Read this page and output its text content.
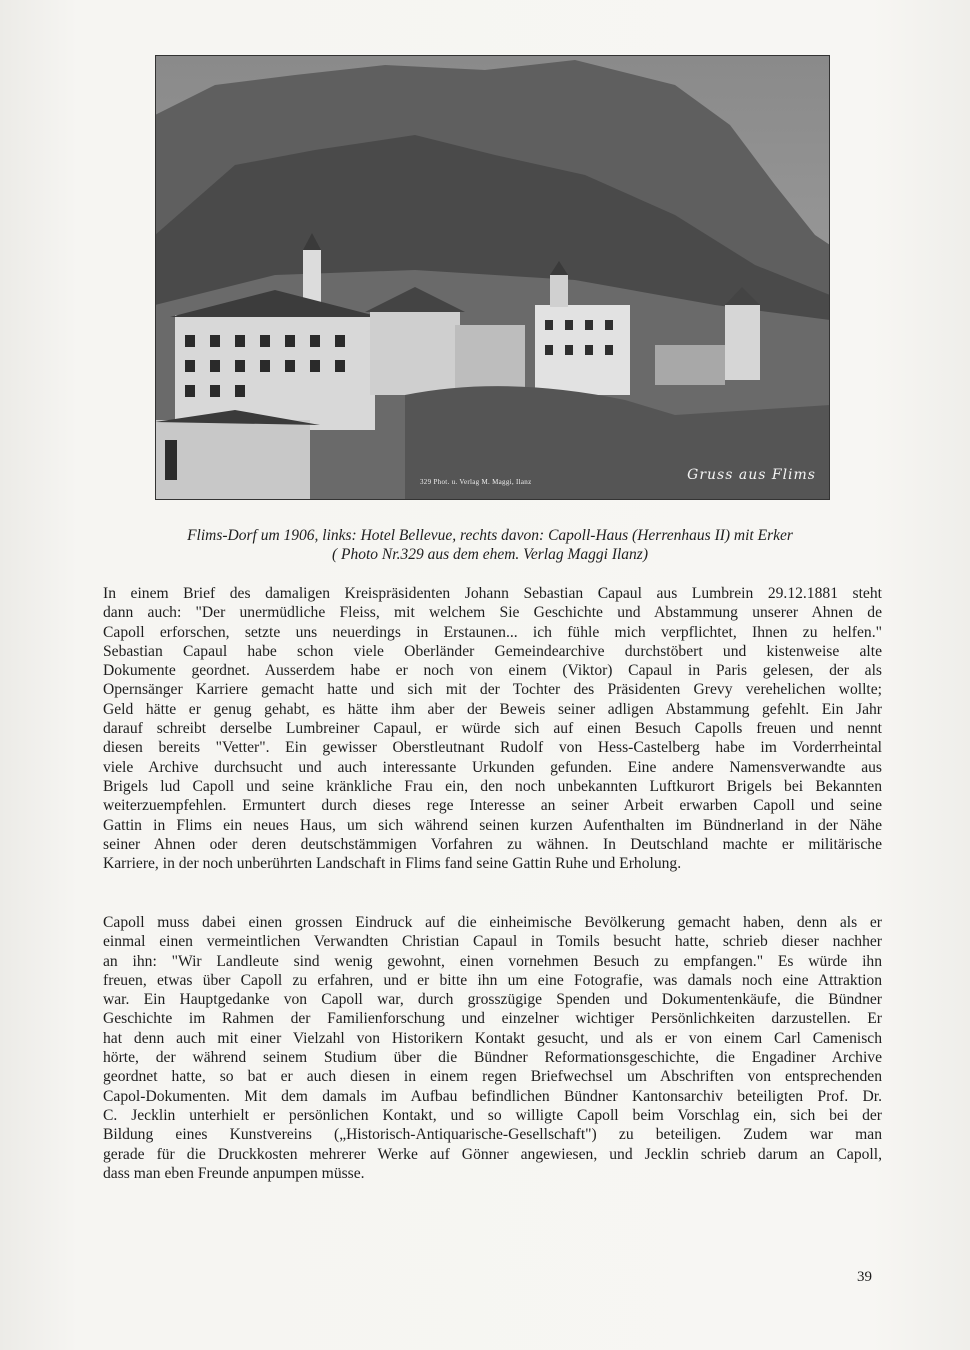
329 Phot. u. Verlag M. Maggi, Ilanz	Gruss aus Flims
Flims-Dorf um 1906, links: Hotel Bellevue, rechts davon: Capoll-Haus (Herrenhaus II) mit Erker
( Photo Nr.329 aus dem ehem. Verlag Maggi Ilanz)
In einem Brief des damaligen Kreispräsidenten Johann Sebastian Capaul aus Lumbrein 29.12.1881 steht
dann auch: "Der unermüdliche Fleiss, mit welchem Sie Geschichte und Abstammung unserer Ahnen de
Capoll erforschen, setzte uns neuerdings in Erstaunen... ich fühle mich verpflichtet, Ihnen zu helfen."
Sebastian Capaul habe schon viele Oberländer Gemeindearchive durchstöbert und kistenweise alte
Dokumente geordnet. Ausserdem habe er noch von einem (Viktor) Capaul in Paris gelesen, der als
Opernsänger Karriere gemacht hatte und sich mit der Tochter des Präsidenten Grevy verehelichen wollte;
Geld hätte er genug gehabt, es hätte ihm aber der Beweis seiner adligen Abstammung gefehlt. Ein Jahr
darauf schreibt derselbe Lumbreiner Capaul, er würde sich auf einen Besuch Capolls freuen und nennt
diesen bereits "Vetter". Ein gewisser Oberstleutnant Rudolf von Hess-Castelberg habe im Vorderrheintal
viele Archive durchsucht und auch interessante Urkunden gefunden. Eine andere Namensverwandte aus
Brigels lud Capoll und seine kränkliche Frau ein, den noch unbekannten Luftkurort Brigels bei Bekannten
weiterzuempfehlen. Ermuntert durch dieses rege Interesse an seiner Arbeit erwarben Capoll und seine
Gattin in Flims ein neues Haus, um sich während seinen kurzen Aufenthalten im Bündnerland in der Nähe
seiner Ahnen oder deren deutschstämmigen Vorfahren zu wähnen. In Deutschland machte er militärische
Karriere, in der noch unberührten Landschaft in Flims fand seine Gattin Ruhe und Erholung.
Capoll muss dabei einen grossen Eindruck auf die einheimische Bevölkerung gemacht haben, denn als er
einmal einen vermeintlichen Verwandten Christian Capaul in Tomils besucht hatte, schrieb dieser nachher
an ihn: "Wir Landleute sind wenig gewohnt, einen vornehmen Besuch zu empfangen." Es würde ihn
freuen, etwas über Capoll zu erfahren, und er bitte ihn um eine Fotografie, was damals noch eine Attraktion
war. Ein Hauptgedanke von Capoll war, durch grosszügige Spenden und Dokumentenkäufe, die Bündner
Geschichte im Rahmen der Familienforschung und einzelner wichtiger Persönlichkeiten darzustellen. Er
hat denn auch mit einer Vielzahl von Historikern Kontakt gesucht, und als er von einem Carl Camenisch
hörte, der während seinem Studium über die Bündner Reformationsgeschichte, die Engadiner Archive
geordnet hatte, so bat er auch diesen in einem regen Briefwechsel um Abschriften von entsprechenden
Capol-Dokumenten. Mit dem damals im Aufbau befindlichen Bündner Kantonsarchiv beteiligten Prof. Dr.
C. Jecklin unterhielt er persönlichen Kontakt, und so willigte Capoll beim Vorschlag ein, sich bei der
Bildung eines Kunstvereins („Historisch-Antiquarische-Gesellschaft") zu beteiligen. Zudem war man
gerade für die Druckkosten mehrerer Werke auf Gönner angewiesen, und Jecklin schrieb darum an Capoll,
dass man eben Freunde anpumpen müsse.
39
